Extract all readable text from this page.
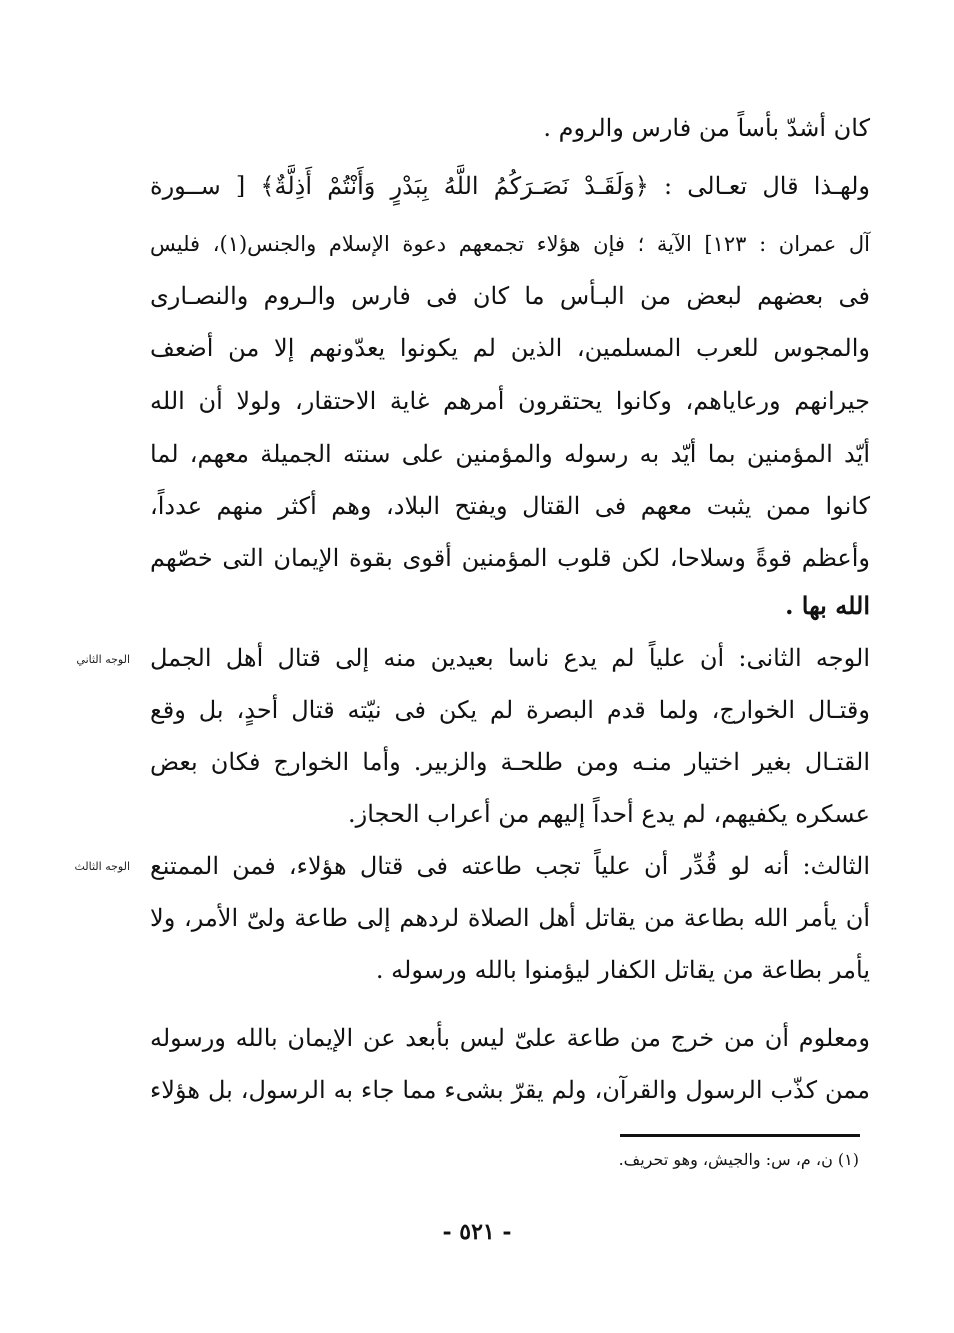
كان أشدّ بأساً من فارس والروم .
ولهـذا قال تعـالى : ﴿وَلَقَـدْ نَصَـرَكُمُ اللَّهُ بِبَدْرٍ وَأَنْتُمْ أَذِلَّةٌ﴾ [ ســورة
آل عمران : ١٢٣] الآية ؛ فإن هؤلاء تجمعهم دعوة الإسلام والجنس(١)، فليس
فى بعضهم لبعض من البـأس ما كان فى فارس والـروم والنصـارى
والمجوس للعرب المسلمين، الذين لم يكونوا يعدّونهم إلا من أضعف
جيرانهم ورعاياهم، وكانوا يحتقرون أمرهم غاية الاحتقار، ولولا أن الله
أيّد المؤمنين بما أيّد به رسوله والمؤمنين على سنته الجميلة معهم، لما
كانوا ممن يثبت معهم فى القتال ويفتح البلاد، وهم أكثر منهم عدداً،
وأعظم قوةً وسلاحا، لكن قلوب المؤمنين أقوى بقوة الإيمان التى خصّهم
الله بها .
الوجه الثانى: أن علياً لم يدع ناسا بعيدين منه إلى قتال أهل الجمل
وقتـال الخوارج، ولما قدم البصرة لم يكن فى نيّته قتال أحدٍ، بل وقع
القتـال بغير اختيار منـه ومن طلحـة والزبير. وأما الخوارج فكان بعض
عسكره يكفيهم، لم يدع أحداً إليهم من أعراب الحجاز.
الثالث: أنه لو قُدِّر أن علياً تجب طاعته فى قتال هؤلاء، فمن الممتنع
أن يأمر الله بطاعة من يقاتل أهل الصلاة لردهم إلى طاعة ولىّ الأمر، ولا
يأمر بطاعة من يقاتل الكفار ليؤمنوا بالله ورسوله .
ومعلوم أن من خرج من طاعة علىّ ليس بأبعد عن الإيمان بالله ورسوله
ممن كذّب الرسول والقرآن، ولم يقرّ بشىء مما جاء به الرسول، بل هؤلاء
الوجه الثاني
الوجه الثالث
(١) ن، م، س: والجيش، وهو تحريف.
- ٥٢١ -
